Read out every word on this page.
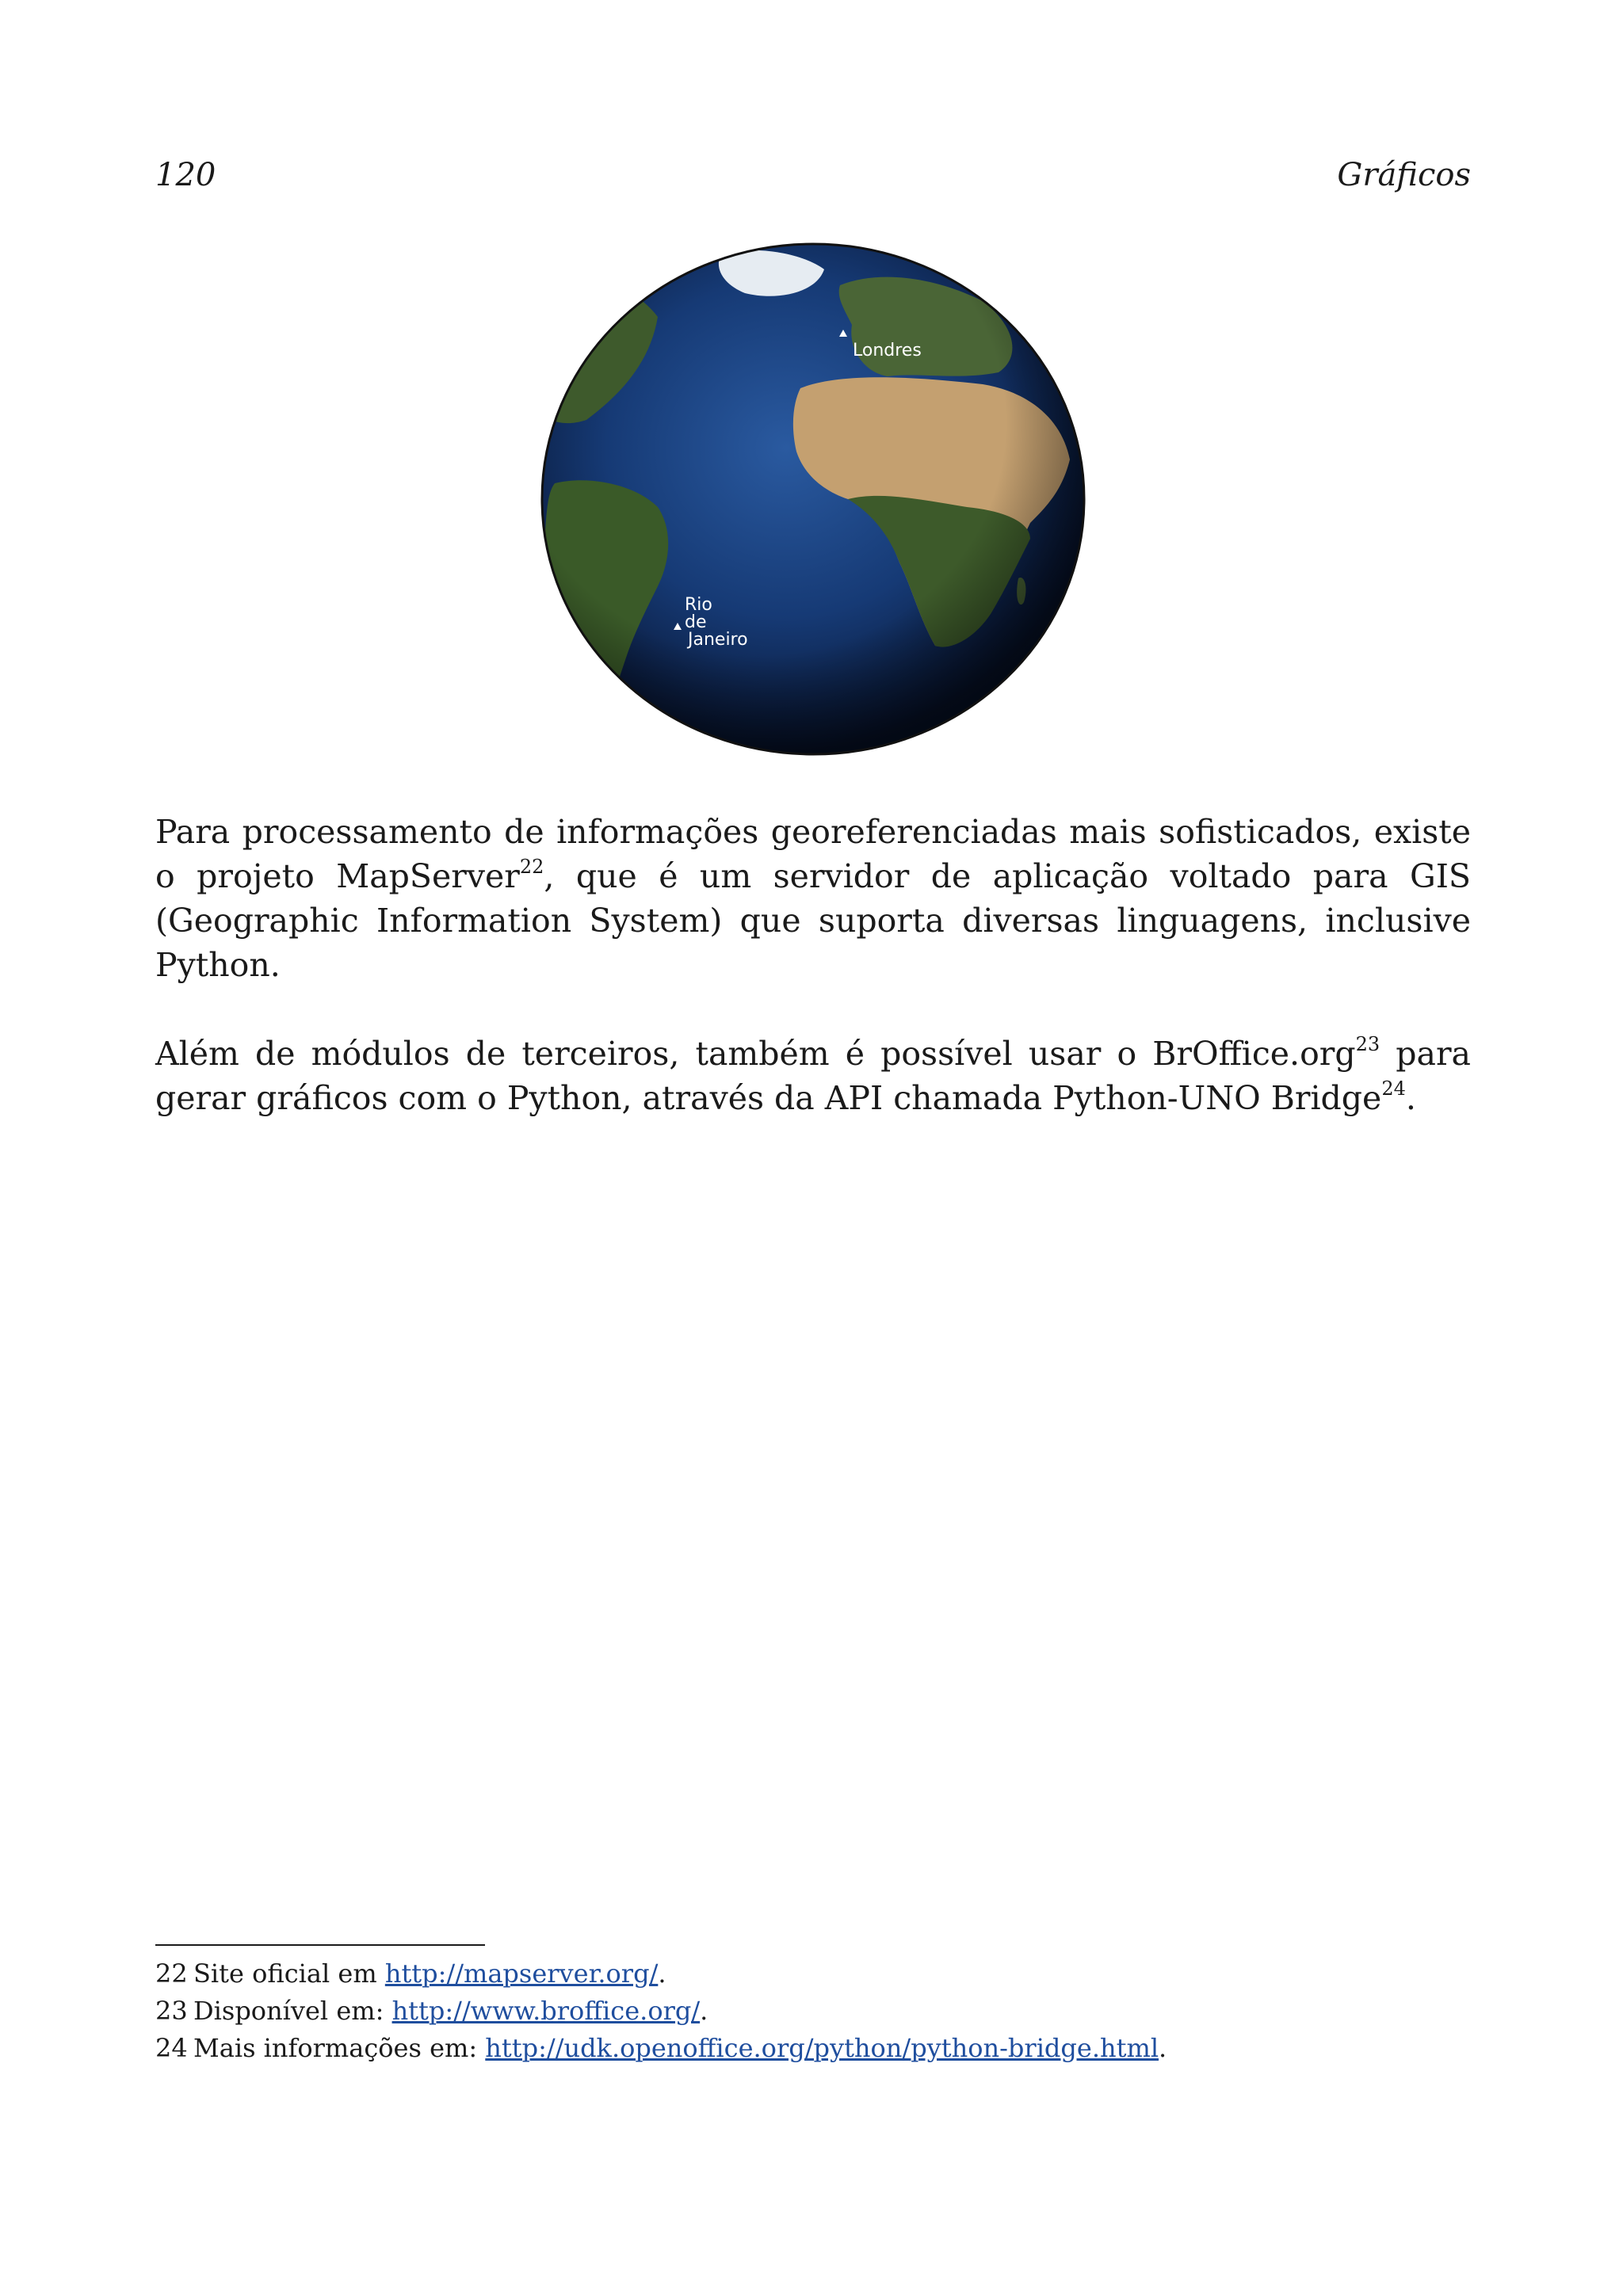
120	Gráficos
Londres
Rio
de
Janeiro

Para processamento de informações georeferenciadas mais sofisticados, existe o projeto MapServer$^{22}$, que é um servidor de aplicação voltado para GIS (Geographic Information System) que suporta diversas linguagens, inclusive Python.

Além de módulos de terceiros, também é possível usar o BrOffice.org$^{23}$ para gerar gráficos com o Python, através da API chamada Python-UNO Bridge$^{24}$.

22 Site oficial em http://mapserver.org/.
23 Disponível em: http://www.broffice.org/.
24 Mais informações em: http://udk.openoffice.org/python/python-bridge.html.
